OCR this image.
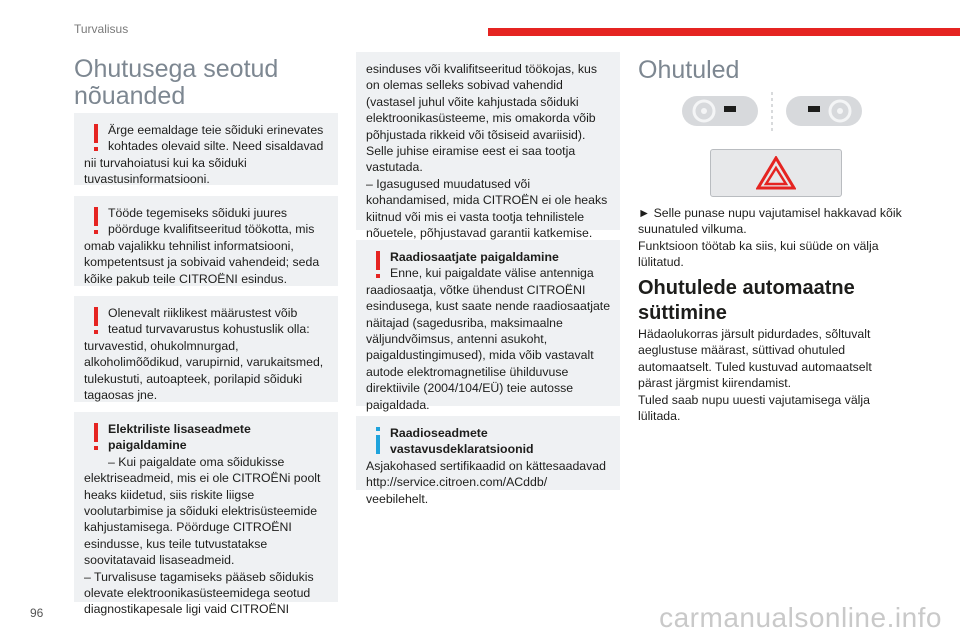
Turvalisus
Ohutusega seotud
nõuanded

Ärge eemaldage teie sõiduki erinevates kohtades olevaid silte. Need sisaldavad
nii turvahoiatusi kui ka sõiduki tuvastusinformatsiooni.

Tööde tegemiseks sõiduki juures pöörduge kvalifitseeritud töökotta, mis
omab vajalikku tehnilist informatsiooni, kompetentsust ja sobivaid vahendeid; seda kõike pakub teile CITROËNI esindus.

Olenevalt riiklikest määrustest võib teatud turvavarustus kohustuslik olla:
turvavestid, ohukolmnurgad, alkoholimõõdikud, varupirnid, varukaitsmed, tulekustuti, autoapteek, porilapid sõiduki tagaosas jne.

Elektriliste lisaseadmete paigaldamine
– Kui paigaldate oma sõidukisse
elektriseadmeid, mis ei ole CITROËNi poolt heaks kiidetud, siis riskite liigse voolutarbimise ja sõiduki elektrisüsteemide kahjustamisega. Pöörduge CITROËNI esindusse, kus teile tutvustatakse soovitatavaid lisaseadmeid.
– Turvalisuse tagamiseks pääseb sõidukis olevate elektroonikasüsteemidega seotud diagnostikapesale ligi vaid CITROËNI

esinduses või kvalifitseeritud töökojas, kus on olemas selleks sobivad vahendid (vastasel juhul võite kahjustada sõiduki elektroonikasüsteeme, mis omakorda võib põhjustada rikkeid või tõsiseid avariisid). Selle juhise eiramise eest ei saa tootja vastutada.

– Igasugused muudatused või kohandamised, mida CITROËN ei ole heaks kiitnud või mis ei vasta tootja tehnilistele nõuetele, põhjustavad garantii katkemise.

Raadiosaatjate paigaldamine
Enne, kui paigaldate välise antenniga
raadiosaatja, võtke ühendust CITROËNI esindusega, kust saate nende raadiosaatjate näitajad (sagedusriba, maksimaalne väljundvõimsus, antenni asukoht, paigaldustingimused), mida võib vastavalt autode elektromagnetilise ühilduvuse direktiivile (2004/104/EÜ) teie autosse paigaldada.

Raadioseadmete vastavusdeklaratsioonid
Asjakohased sertifikaadid on kättesaadavad http://service.citroen.com/ACddb/ veebilehelt.

Ohutuled

► Selle punase nupu vajutamisel hakkavad kõik suunatuled vilkuma.

Funktsioon töötab ka siis, kui süüde on välja lülitatud.

Ohutulede automaatne süttimine

Hädaolukorras järsult pidurdades, sõltuvalt aeglustuse määrast, süttivad ohutuled automaatselt. Tuled kustuvad automaatselt pärast järgmist kiirendamist.

Tuled saab nupu uuesti vajutamisega välja lülitada.

96	carmanualsonline.info
